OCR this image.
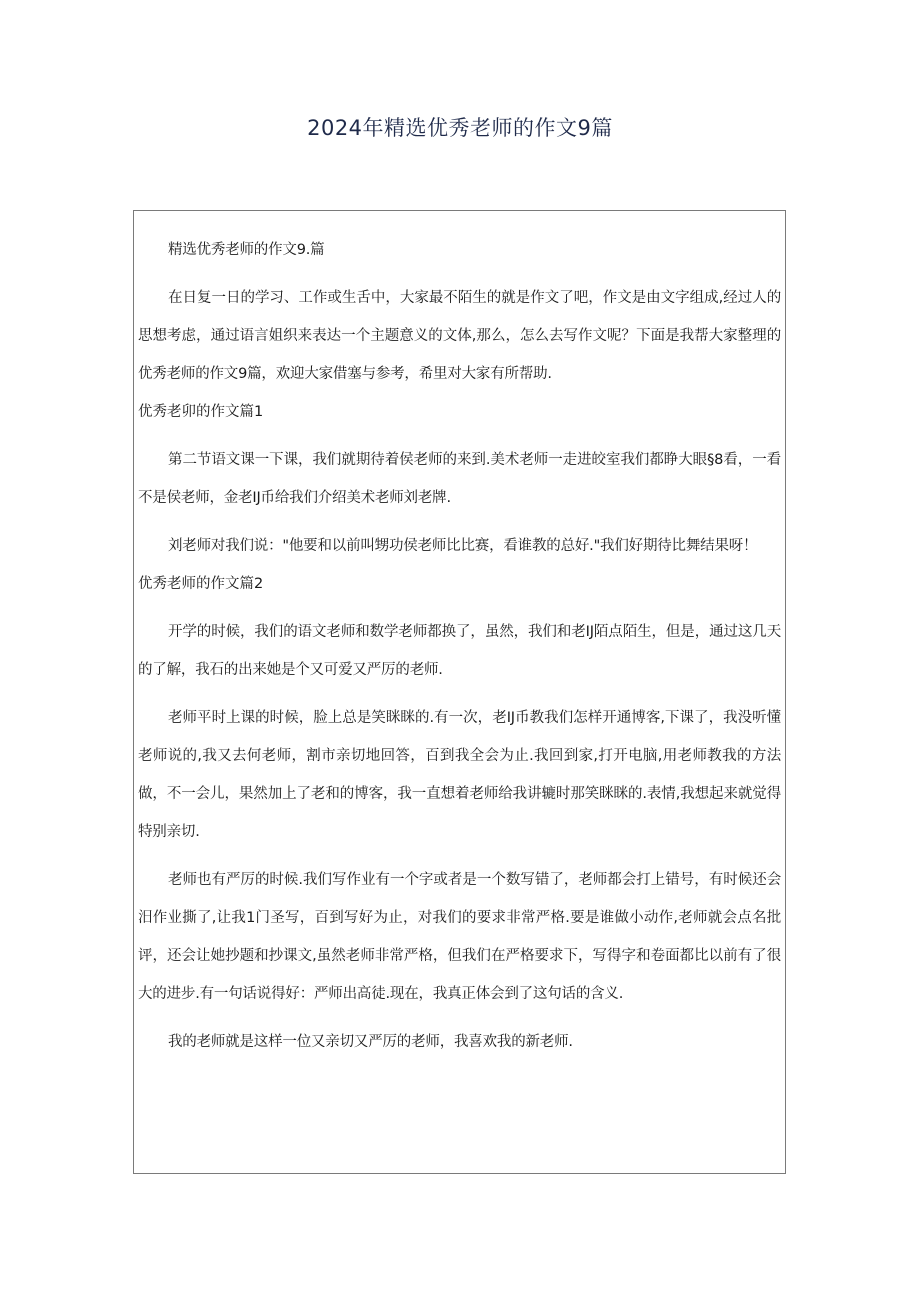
2024年精选优秀老师的作文9篇

精选优秀老师的作文9.篇

在日复一日的学习、工作或生舌中，大家最不陌生的就是作文了吧，作文是由文字组成,经过人的思想考虑，通过语言姐织来表达一个主题意义的文体,那么，怎么去写作文呢？下面是我帮大家整理的优秀老师的作文9篇，欢迎大家借塞与参考，希里对大家有所帮助.

优秀老卯的作文篇1

第二节语文课一下课，我们就期待着侯老师的来到.美术老师一走进皎室我们都睁大眼§8看，一看不是侯老师，金老IJ币给我们介绍美术老师刘老牌.

刘老师对我们说："他要和以前叫甥功侯老师比比赛，看谁教的总好."我们好期待比舞结果呀！

优秀老师的作文篇2

开学的时候，我们的语文老师和数学老师都换了，虽然，我们和老IJ陌点陌生，但是，通过这几天的了解，我石的出来她是个又可爱又严厉的老师.

老师平时上课的时候，脸上总是笑眯眯的.有一次，老IJ币教我们怎样开通博客,下课了，我没听懂老师说的,我又去何老师，割市亲切地回答，百到我全会为止.我回到家,打开电脑,用老师教我的方法做，不一会儿，果然加上了老和的博客，我一直想着老师给我讲辘时那笑眯眯的.表情,我想起来就觉得特别亲切.

老师也有严厉的时候.我们写作业有一个字或者是一个数写错了，老师都会打上错号，有时候还会汨作业撕了,让我1门圣写，百到写好为止，对我们的要求非常严格.要是谁做小动作,老师就会点名批评，还会让她抄题和抄课文,虽然老师非常严格，但我们在严格要求下，写得字和卷面都比以前有了很大的进步.有一句话说得好：严师出高徒.现在，我真正体会到了这句话的含义.

我的老师就是这样一位又亲切又严厉的老师，我喜欢我的新老师.
